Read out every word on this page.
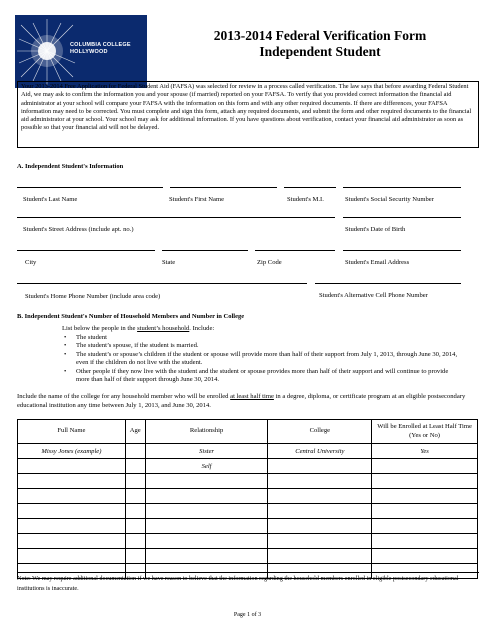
COLUMBIA COLLEGE
HOLLYWOOD
2013-2014 Federal Verification Form
Independent Student
Your 2013-2014 Free Application for Federal Student Aid (FAFSA) was selected for review in a process called verification. The law says that before awarding Federal Student Aid, we may ask to confirm the information you and your spouse (if married) reported on your FAFSA. To verify that you provided correct information the financial aid administrator at your school will compare your FAFSA with the information on this form and with any other required documents. If there are differences, your FAFSA information may need to be corrected. You must complete and sign this form, attach any required documents, and submit the form and other required documents to the financial aid administrator at your school. Your school may ask for additional information. If you have questions about verification, contact your financial aid administrator as soon as possible so that your financial aid will not be delayed.
A. Independent Student's Information
Student's Last Name	Student's First Name	Student's M.I.	Student's Social Security Number
Student's Street Address (include apt. no.)	Student's Date of Birth
City	State	Zip Code	Student's Email Address
Student's Home Phone Number (include area code)	Student's Alternative Cell Phone Number
B. Independent Student's Number of Household Members and Number in College
List below the people in the student’s household. Include:
• The student
• The student’s spouse, if the student is married.
• The student’s or spouse’s children if the student or spouse will provide more than half of their support from July 1, 2013, through June 30, 2014, even if the children do not live with the student.
• Other people if they now live with the student and the student or spouse provides more than half of their support and will continue to provide more than half of their support through June 30, 2014.
Include the name of the college for any household member who will be enrolled at least half time in a degree, diploma, or certificate program at an eligible postsecondary educational institution any time between July 1, 2013, and June 30, 2014.
Full Name	Age	Relationship	College	Will be Enrolled at Least Half Time (Yes or No)
Missy Jones (example)		Sister	Central University	Yes
		Self		

Note: We may require additional documentation if we have reason to believe that the information regarding the household members enrolled in eligible postsecondary educational institutions is inaccurate.
Page 1 of 3
